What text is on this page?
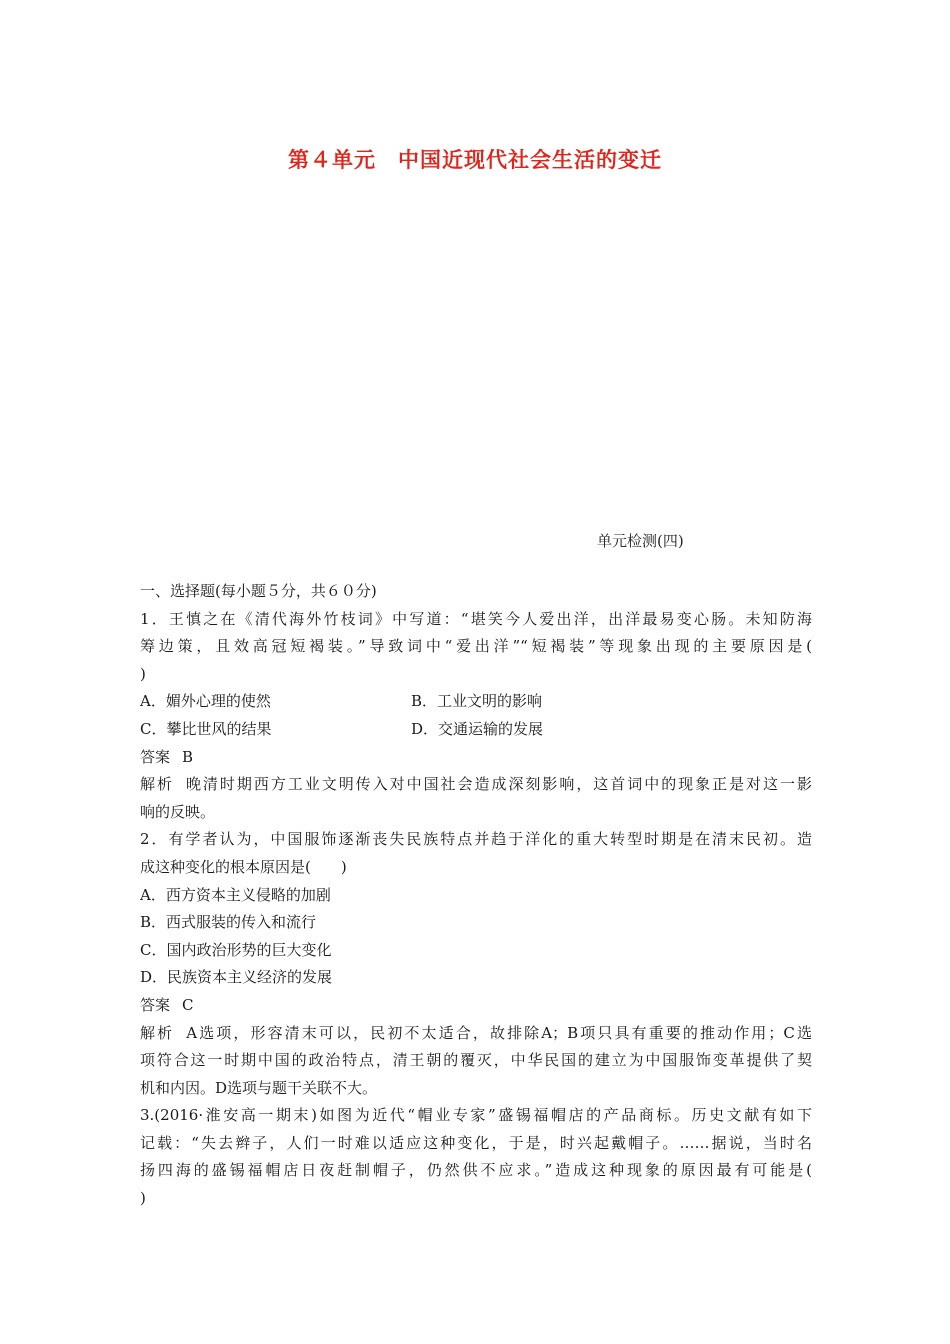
第４单元　中国近现代社会生活的变迁
单元检测(四)
一、选择题(每小题５分，共６０分)
1．王慎之在《清代海外竹枝词》中写道：“堪笑今人爱出洋，出洋最易变心肠。未知防海
筹边策，且效高冠短褐装。”导致词中“爱出洋”“短褐装”等现象出现的主要原因是(
)
A．媚外心理的使然	B．工业文明的影响
C．攀比世风的结果	D．交通运输的发展
答案 B
解析 晚清时期西方工业文明传入对中国社会造成深刻影响，这首词中的现象正是对这一影
响的反映。
2．有学者认为，中国服饰逐渐丧失民族特点并趋于洋化的重大转型时期是在清末民初。造
成这种变化的根本原因是(　　)
A．西方资本主义侵略的加剧
B．西式服装的传入和流行
C．国内政治形势的巨大变化
D．民族资本主义经济的发展
答案 C
解析 A选项，形容清末可以，民初不太适合，故排除A；B项只具有重要的推动作用；C选
项符合这一时期中国的政治特点，清王朝的覆灭，中华民国的建立为中国服饰变革提供了契
机和内因。D选项与题干关联不大。
3.(2016·淮安高一期末)如图为近代“帽业专家”盛锡福帽店的产品商标。历史文献有如下
记载：“失去辫子，人们一时难以适应这种变化，于是，时兴起戴帽子。……据说，当时名
扬四海的盛锡福帽店日夜赶制帽子，仍然供不应求。”造成这种现象的原因最有可能是(
)
